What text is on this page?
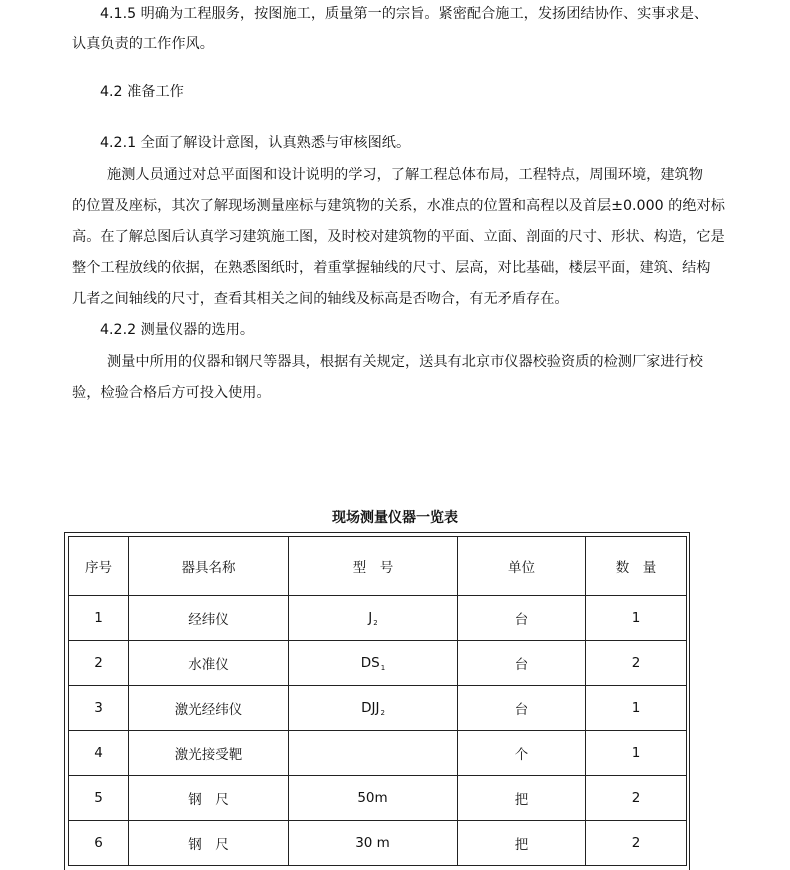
4.1.5 明确为工程服务，按图施工，质量第一的宗旨。紧密配合施工，发扬团结协作、实事求是、
认真负责的工作作风。
4.2 准备工作
4.2.1 全面了解设计意图，认真熟悉与审核图纸。
施测人员通过对总平面图和设计说明的学习，了解工程总体布局，工程特点，周围环境，建筑物
的位置及座标，其次了解现场测量座标与建筑物的关系，水准点的位置和高程以及首层±0.000 的绝对标
高。在了解总图后认真学习建筑施工图，及时校对建筑物的平面、立面、剖面的尺寸、形状、构造，它是
整个工程放线的依据，在熟悉图纸时，着重掌握轴线的尺寸、层高，对比基础，楼层平面，建筑、结构
几者之间轴线的尺寸，查看其相关之间的轴线及标高是否吻合，有无矛盾存在。
4.2.2 测量仪器的选用。
测量中所用的仪器和钢尺等器具，根据有关规定，送具有北京市仪器校验资质的检测厂家进行校
验，检验合格后方可投入使用。
现场测量仪器一览表
序号	器具名称	型　号	单位	数　量
1	经纬仪	$J_2$	台	1
2	水准仪	$DS_1$	台	2
3	激光经纬仪	$DJJ_2$	台	1
4	激光接受靶		个	1
5	钢　尺	50m	把	2
6	钢　尺	30 m	把	2
